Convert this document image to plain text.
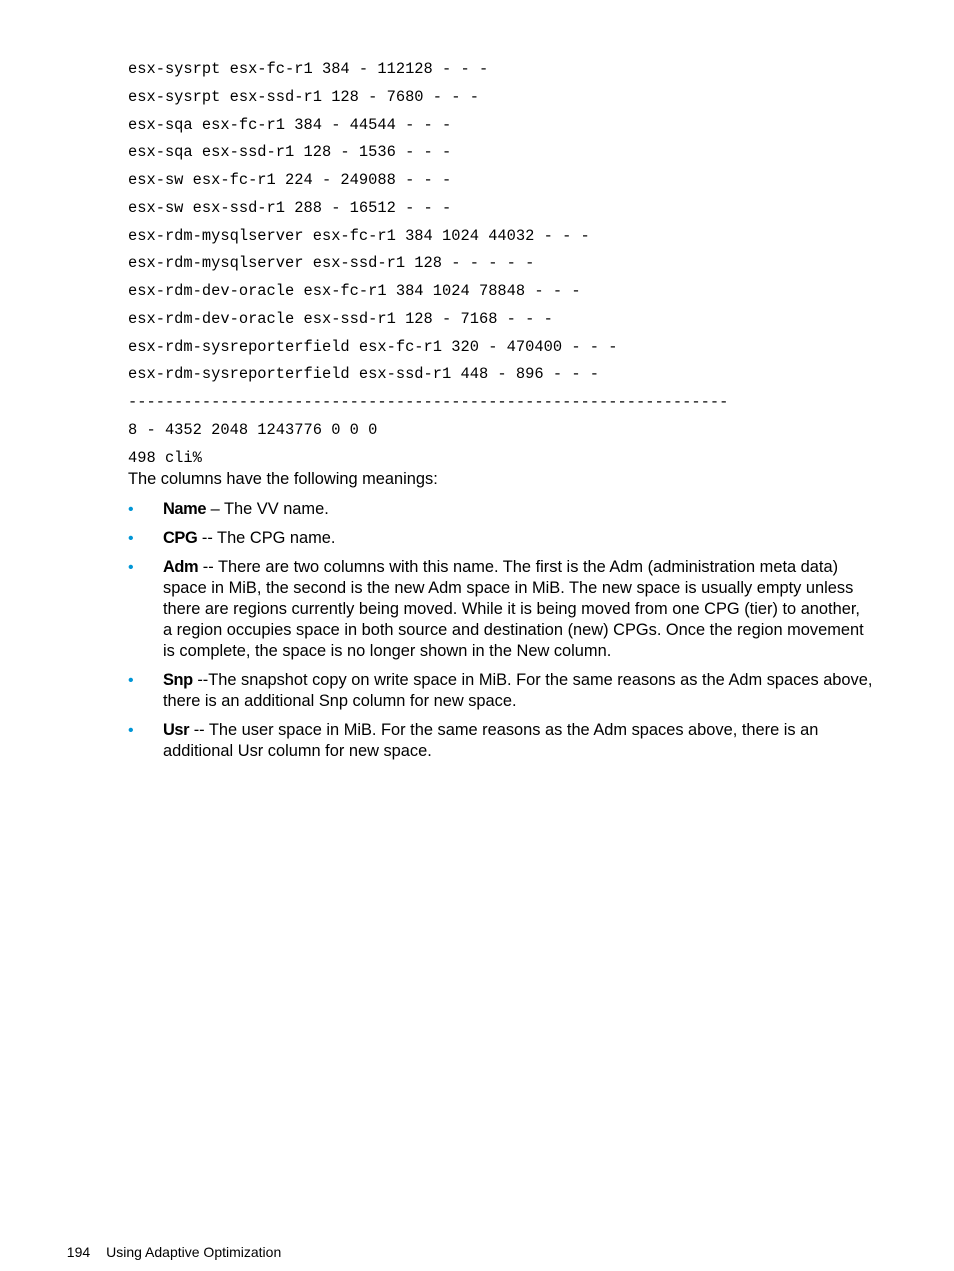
esx-sysrpt esx-fc-r1 384 - 112128 - - -
esx-sysrpt esx-ssd-r1 128 - 7680 - - -
esx-sqa esx-fc-r1 384 - 44544 - - -
esx-sqa esx-ssd-r1 128 - 1536 - - -
esx-sw esx-fc-r1 224 - 249088 - - -
esx-sw esx-ssd-r1 288 - 16512 - - -
esx-rdm-mysqlserver esx-fc-r1 384 1024 44032 - - -
esx-rdm-mysqlserver esx-ssd-r1 128 - - - - -
esx-rdm-dev-oracle esx-fc-r1 384 1024 78848 - - -
esx-rdm-dev-oracle esx-ssd-r1 128 - 7168 - - -
esx-rdm-sysreporterfield esx-fc-r1 320 - 470400 - - -
esx-rdm-sysreporterfield esx-ssd-r1 448 - 896 - - -
-----------------------------------------------------------------
8 - 4352 2048 1243776 0 0 0
498 cli%

The columns have the following meanings:

•	Name – The VV name.
•	CPG -- The CPG name.
•	Adm -- There are two columns with this name. The first is the Adm (administration meta data) space in MiB, the second is the new Adm space in MiB. The new space is usually empty unless there are regions currently being moved. While it is being moved from one CPG (tier) to another, a region occupies space in both source and destination (new) CPGs. Once the region movement is complete, the space is no longer shown in the New column.
•	Snp --The snapshot copy on write space in MiB. For the same reasons as the Adm spaces above, there is an additional Snp column for new space.
•	Usr -- The user space in MiB. For the same reasons as the Adm spaces above, there is an additional Usr column for new space.

194 Using Adaptive Optimization
